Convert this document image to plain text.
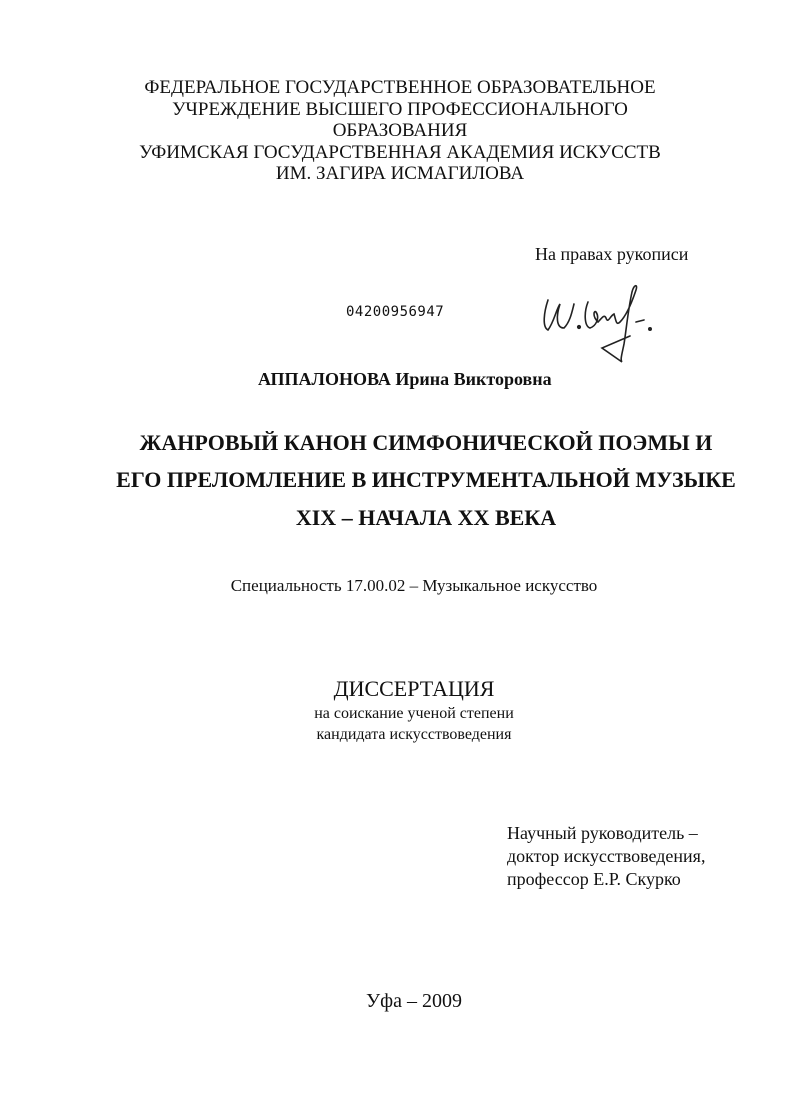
ФЕДЕРАЛЬНОЕ ГОСУДАРСТВЕННОЕ ОБРАЗОВАТЕЛЬНОЕ
УЧРЕЖДЕНИЕ ВЫСШЕГО ПРОФЕССИОНАЛЬНОГО
ОБРАЗОВАНИЯ
УФИМСКАЯ ГОСУДАРСТВЕННАЯ АКАДЕМИЯ ИСКУССТВ
ИМ. ЗАГИРА ИСМАГИЛОВА
На правах рукописи
04200956947
АППАЛОНОВА Ирина Викторовна
ЖАНРОВЫЙ КАНОН СИМФОНИЧЕСКОЙ ПОЭМЫ И
ЕГО ПРЕЛОМЛЕНИЕ В ИНСТРУМЕНТАЛЬНОЙ МУЗЫКЕ
XIX – НАЧАЛА XX ВЕКА
Специальность 17.00.02 – Музыкальное искусство
ДИССЕРТАЦИЯ
на соискание ученой степени
кандидата искусствоведения
Научный руководитель –
доктор искусствоведения,
профессор Е.Р. Скурко
Уфа – 2009
